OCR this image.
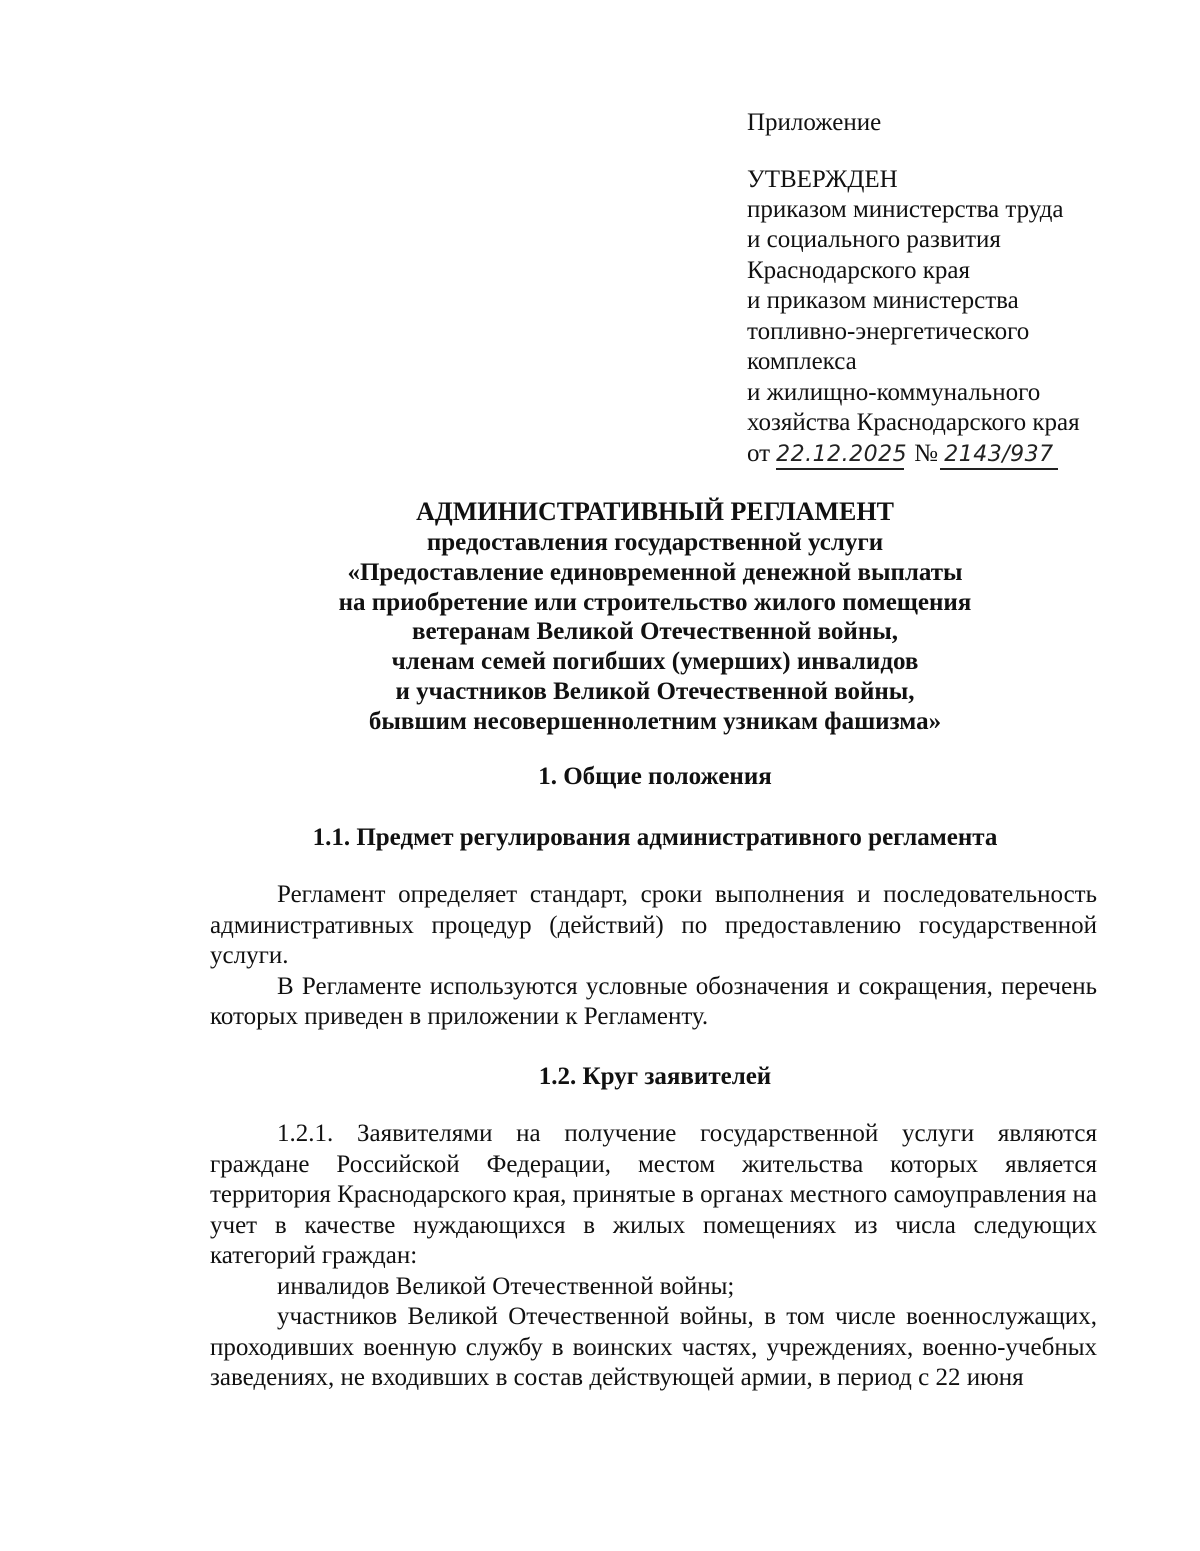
Приложение
УТВЕРЖДЕН
приказом министерства труда
и социального развития
Краснодарского края
и приказом министерства
топливно-энергетического
комплекса
и жилищно-коммунального
хозяйства Краснодарского края
от 22.12.2025 № 2143/937
АДМИНИСТРАТИВНЫЙ РЕГЛАМЕНТ
предоставления государственной услуги
«Предоставление единовременной денежной выплаты
на приобретение или строительство жилого помещения
ветеранам Великой Отечественной войны,
членам семей погибших (умерших) инвалидов
и участников Великой Отечественной войны,
бывшим несовершеннолетним узникам фашизма»
1. Общие положения
1.1. Предмет регулирования административного регламента

Регламент определяет стандарт, сроки выполнения и последовательность административных процедур (действий) по предоставлению государственной услуги.

В Регламенте используются условные обозначения и сокращения, перечень которых приведен в приложении к Регламенту.

1.2. Круг заявителей

1.2.1. Заявителями на получение государственной услуги являются граждане Российской Федерации, местом жительства которых является территория Краснодарского края, принятые в органах местного самоуправления на учет в качестве нуждающихся в жилых помещениях из числа следующих категорий граждан:

инвалидов Великой Отечественной войны;

участников Великой Отечественной войны, в том числе военнослужащих, проходивших военную службу в воинских частях, учреждениях, военно-учебных заведениях, не входивших в состав действующей армии, в период с 22 июня
